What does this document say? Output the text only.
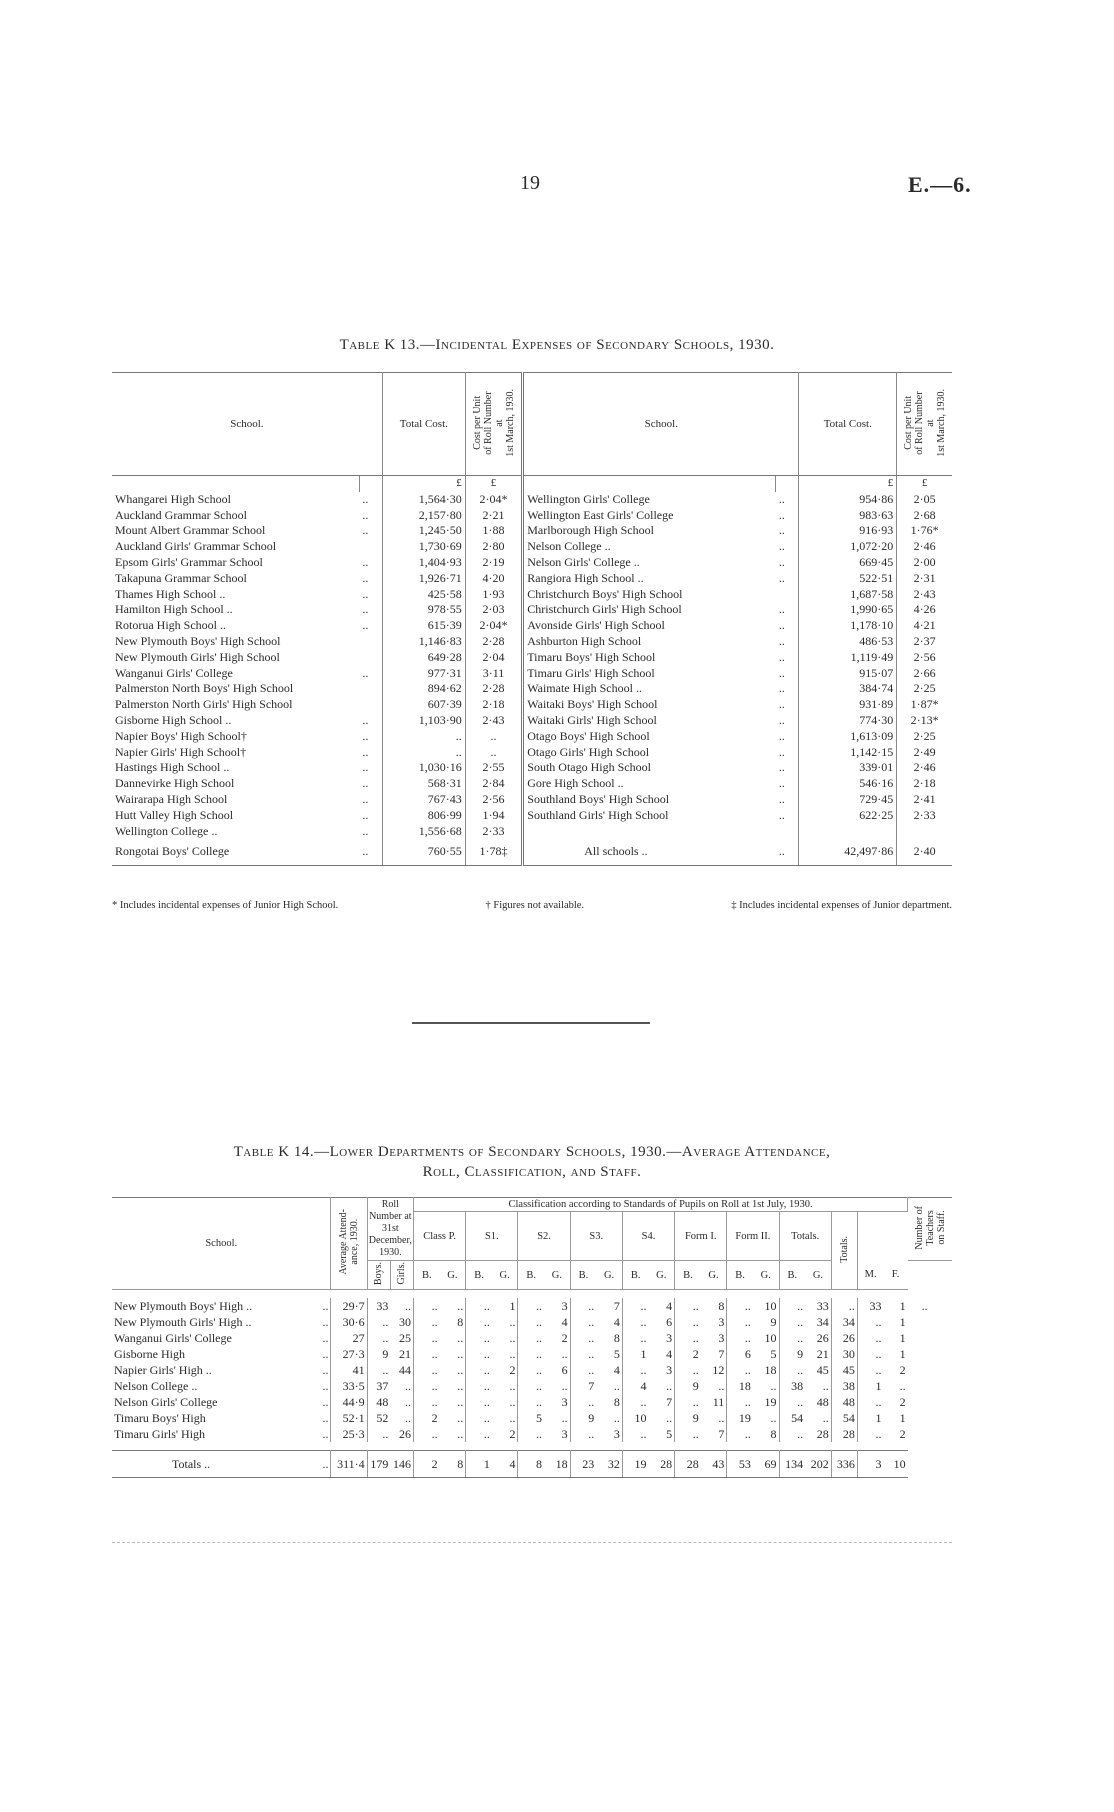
19	E.—6.
Table K 13.—Incidental Expenses of Secondary Schools, 1930.
School.		Total Cost.	Cost per Unit of Roll Number at 1st March, 1930.	School.		Total Cost.	Cost per Unit of Roll Number at 1st March, 1930.

		£	£			£	£
Whangarei High School	..	1,564·30	2·04*	Wellington Girls' College	..	954·86	2·05
Auckland Grammar School	..	2,157·80	2·21	Wellington East Girls' College	..	983·63	2·68
Mount Albert Grammar School	..	1,245·50	1·88	Marlborough High School	..	916·93	1·76*
Auckland Girls' Grammar School		1,730·69	2·80	Nelson College ..	..	1,072·20	2·46
Epsom Girls' Grammar School	..	1,404·93	2·19	Nelson Girls' College ..	..	669·45	2·00
Takapuna Grammar School	..	1,926·71	4·20	Rangiora High School ..	..	522·51	2·31
Thames High School ..	..	425·58	1·93	Christchurch Boys' High School		1,687·58	2·43
Hamilton High School ..	..	978·55	2·03	Christchurch Girls' High School	..	1,990·65	4·26
Rotorua High School ..	..	615·39	2·04*	Avonside Girls' High School	..	1,178·10	4·21
New Plymouth Boys' High School		1,146·83	2·28	Ashburton High School	..	486·53	2·37
New Plymouth Girls' High School		649·28	2·04	Timaru Boys' High School	..	1,119·49	2·56
Wanganui Girls' College	..	977·31	3·11	Timaru Girls' High School	..	915·07	2·66
Palmerston North Boys' High School		894·62	2·28	Waimate High School ..	..	384·74	2·25
Palmerston North Girls' High School		607·39	2·18	Waitaki Boys' High School	..	931·89	1·87*
Gisborne High School ..	..	1,103·90	2·43	Waitaki Girls' High School	..	774·30	2·13*
Napier Boys' High School†	..	..	..	Otago Boys' High School	..	1,613·09	2·25
Napier Girls' High School†	..	..	..	Otago Girls' High School	..	1,142·15	2·49
Hastings High School ..	..	1,030·16	2·55	South Otago High School	..	339·01	2·46
Dannevirke High School	..	568·31	2·84	Gore High School ..	..	546·16	2·18
Wairarapa High School	..	767·43	2·56	Southland Boys' High School	..	729·45	2·41
Hutt Valley High School	..	806·99	1·94	Southland Girls' High School	..	622·25	2·33
Wellington College ..	..	1,556·68	2·33				
Rongotai Boys' College	..	760·55	1·78‡	All schools ..	..	42,497·86	2·40
* Includes incidental expenses of Junior High School.	† Figures not available.	‡ Includes incidental expenses of Junior department.
Table K 14.—Lower Departments of Secondary Schools, 1930.—Average Attendance,
Roll, Classification, and Staff.
School.		Average Attend- ance, 1930.	Roll Number at 31st December, 1930.		Classification according to Standards of Pupils on Roll at 1st July, 1930.																			Number of Teachers on Staff.

					Class P.		S1.		S2.		S3.		S4.		Form I.		Form II.		Totals.		Totals.			
			Boys.	Girls.	B.	G.	B.	G.	B.	G.	B.	G.	B.	G.	B.	G.	B.	G.	B.	G.		M.	F.	

New Plymouth Boys' High ..	..	29·7	33	..	..	..	..	1	..	3	..	7	..	4	..	8	..	10	..	33	..	33	1	..
New Plymouth Girls' High ..	..	30·6	..	30	..	8	..	..	..	4	..	4	..	6	..	3	..	9	..	34	34	..	1	
Wanganui Girls' College	..	27	..	25	..	..	..	..	..	2	..	8	..	3	..	3	..	10	..	26	26	..	1	
Gisborne High	..	27·3	9	21	..	..	..	..	..	..	..	5	1	4	2	7	6	5	9	21	30	..	1	
Napier Girls' High ..	..	41	..	44	..	..	..	2	..	6	..	4	..	3	..	12	..	18	..	45	45	..	2	
Nelson College ..	..	33·5	37	..	..	..	..	..	..	..	7	..	4	..	9	..	18	..	38	..	38	1	..	
Nelson Girls' College	..	44·9	48	..	..	..	..	..	..	3	..	8	..	7	..	11	..	19	..	48	48	..	2	
Timaru Boys' High	..	52·1	52	..	2	..	..	..	5	..	9	..	10	..	9	..	19	..	54	..	54	1	1	
Timaru Girls' High	..	25·3	..	26	..	..	..	2	..	3	..	3	..	5	..	7	..	8	..	28	28	..	2	

Totals ..	..	311·4	179	146	2	8	1	4	8	18	23	32	19	28	28	43	53	69	134	202	336	3	10	
